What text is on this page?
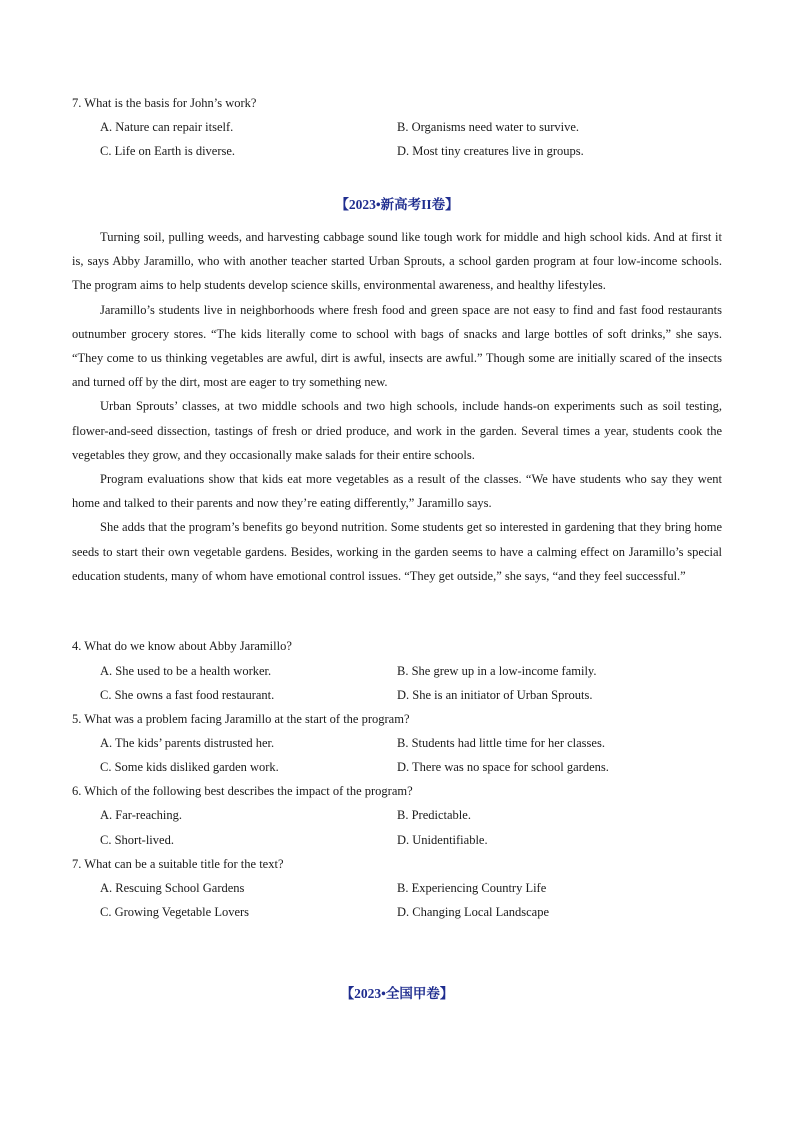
7. What is the basis for John’s work?
A. Nature can repair itself.	B. Organisms need water to survive.
C. Life on Earth is diverse.	D. Most tiny creatures live in groups.
【2023•新高考II卷】

Turning soil, pulling weeds, and harvesting cabbage sound like tough work for middle and high school kids. And at first it is, says Abby Jaramillo, who with another teacher started Urban Sprouts, a school garden program at four low-income schools. The program aims to help students develop science skills, environmental awareness, and healthy lifestyles.

Jaramillo’s students live in neighborhoods where fresh food and green space are not easy to find and fast food restaurants outnumber grocery stores. “The kids literally come to school with bags of snacks and large bottles of soft drinks,” she says. “They come to us thinking vegetables are awful, dirt is awful, insects are awful.” Though some are initially scared of the insects and turned off by the dirt, most are eager to try something new.

Urban Sprouts’ classes, at two middle schools and two high schools, include hands-on experiments such as soil testing, flower-and-seed dissection, tastings of fresh or dried produce, and work in the garden. Several times a year, students cook the vegetables they grow, and they occasionally make salads for their entire schools.

Program evaluations show that kids eat more vegetables as a result of the classes. “We have students who say they went home and talked to their parents and now they’re eating differently,” Jaramillo says.

She adds that the program’s benefits go beyond nutrition. Some students get so interested in gardening that they bring home seeds to start their own vegetable gardens. Besides, working in the garden seems to have a calming effect on Jaramillo’s special education students, many of whom have emotional control issues. “They get outside,” she says, “and they feel successful.”

4. What do we know about Abby Jaramillo?
A. She used to be a health worker.	B. She grew up in a low-income family.
C. She owns a fast food restaurant.	D. She is an initiator of Urban Sprouts.
5. What was a problem facing Jaramillo at the start of the program?
A. The kids’ parents distrusted her.	B. Students had little time for her classes.
C. Some kids disliked garden work.	D. There was no space for school gardens.
6. Which of the following best describes the impact of the program?
A. Far-reaching.	B. Predictable.
C. Short-lived.	D. Unidentifiable.
7. What can be a suitable title for the text?
A. Rescuing School Gardens	B. Experiencing Country Life
C. Growing Vegetable Lovers	D. Changing Local Landscape
【2023•全国甲卷】
